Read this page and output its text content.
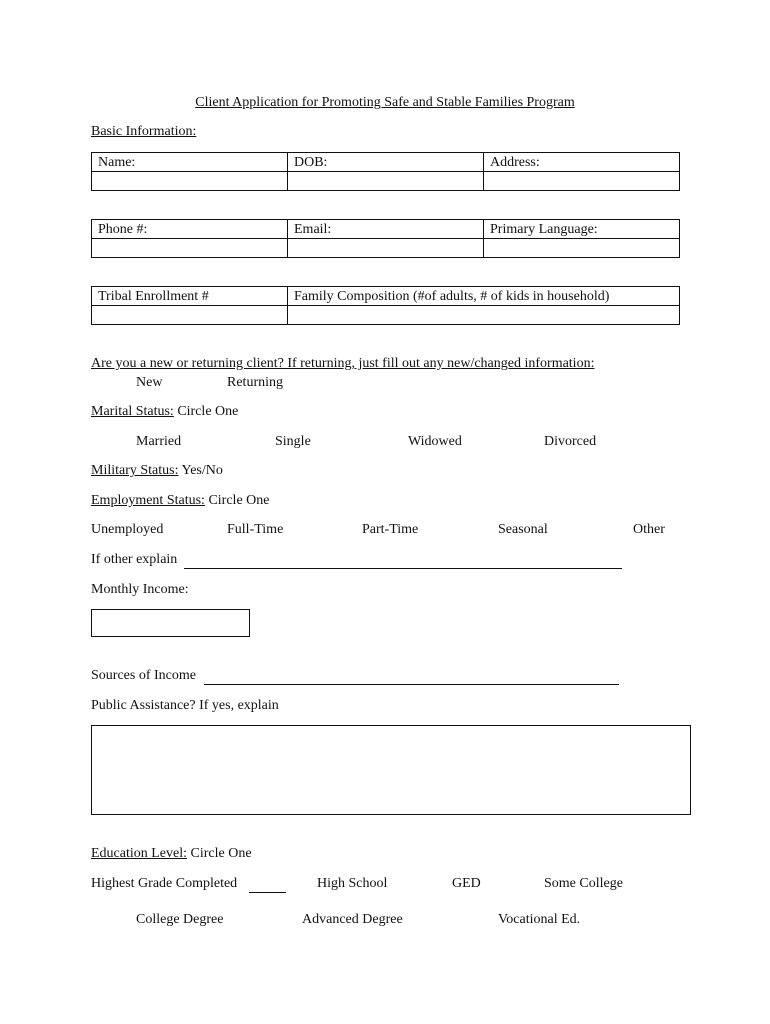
Client Application for Promoting Safe and Stable Families Program
Basic Information:
Name:	DOB:	Address:

Phone #:	Email:	Primary Language:

Tribal Enrollment #	Family Composition (#of adults, # of kids in household)

Are you a new or returning client? If returning, just fill out any new/changed information:
New	Returning
Marital Status: Circle One
Married	Single	Widowed	Divorced
Military Status: Yes/No
Employment Status: Circle One
Unemployed	Full-Time	Part-Time	Seasonal	Other
If other explain
Monthly Income:
Sources of Income
Public Assistance? If yes, explain
Education Level: Circle One
Highest Grade Completed	High School	GED	Some College
College Degree	Advanced Degree	Vocational Ed.
